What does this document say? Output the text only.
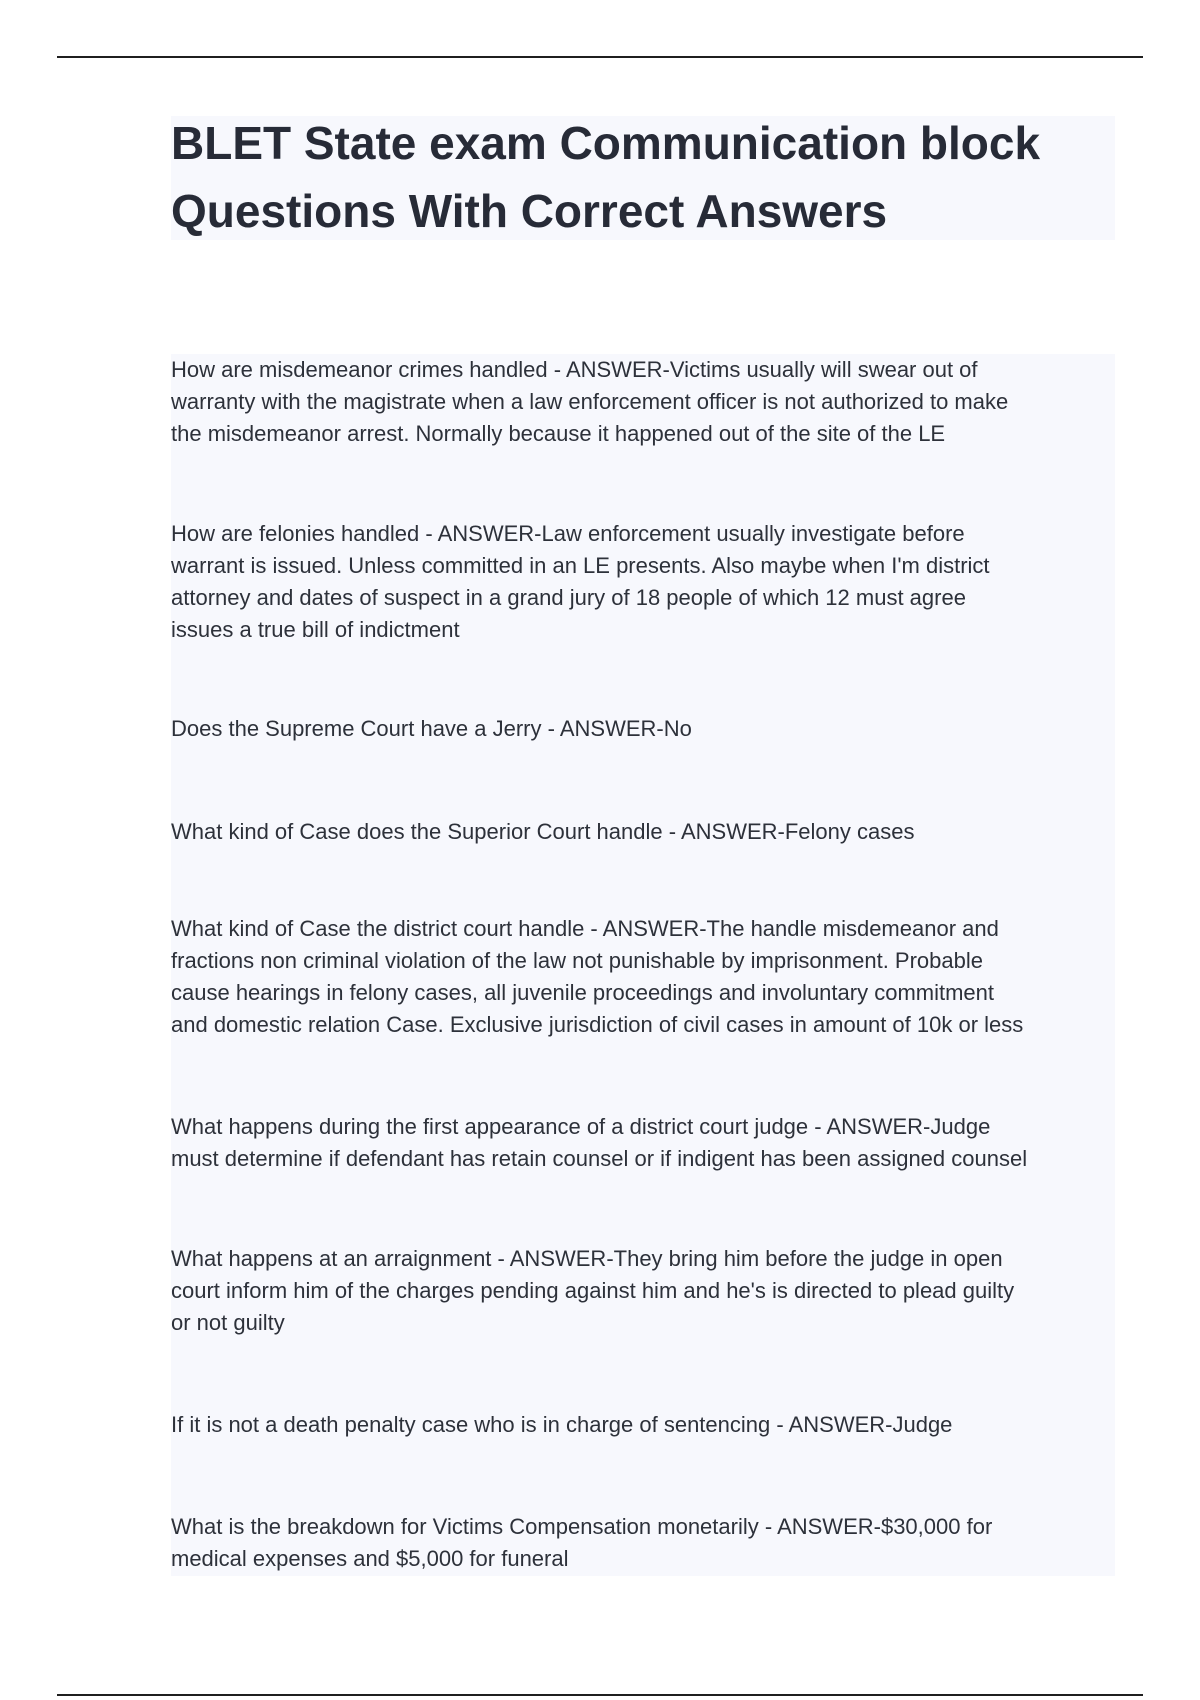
BLET State exam Communication block
Questions With Correct Answers
How are misdemeanor crimes handled - ANSWER-Victims usually will swear out of
warranty with the magistrate when a law enforcement officer is not authorized to make
the misdemeanor arrest. Normally because it happened out of the site of the LE
How are felonies handled - ANSWER-Law enforcement usually investigate before
warrant is issued. Unless committed in an LE presents. Also maybe when I'm district
attorney and dates of suspect in a grand jury of 18 people of which 12 must agree
issues a true bill of indictment
Does the Supreme Court have a Jerry - ANSWER-No
What kind of Case does the Superior Court handle - ANSWER-Felony cases
What kind of Case the district court handle - ANSWER-The handle misdemeanor and
fractions non criminal violation of the law not punishable by imprisonment. Probable
cause hearings in felony cases, all juvenile proceedings and involuntary commitment
and domestic relation Case. Exclusive jurisdiction of civil cases in amount of 10k or less
What happens during the first appearance of a district court judge - ANSWER-Judge
must determine if defendant has retain counsel or if indigent has been assigned counsel
What happens at an arraignment - ANSWER-They bring him before the judge in open
court inform him of the charges pending against him and he's is directed to plead guilty
or not guilty
If it is not a death penalty case who is in charge of sentencing - ANSWER-Judge
What is the breakdown for Victims Compensation monetarily - ANSWER-$30,000 for
medical expenses and $5,000 for funeral
